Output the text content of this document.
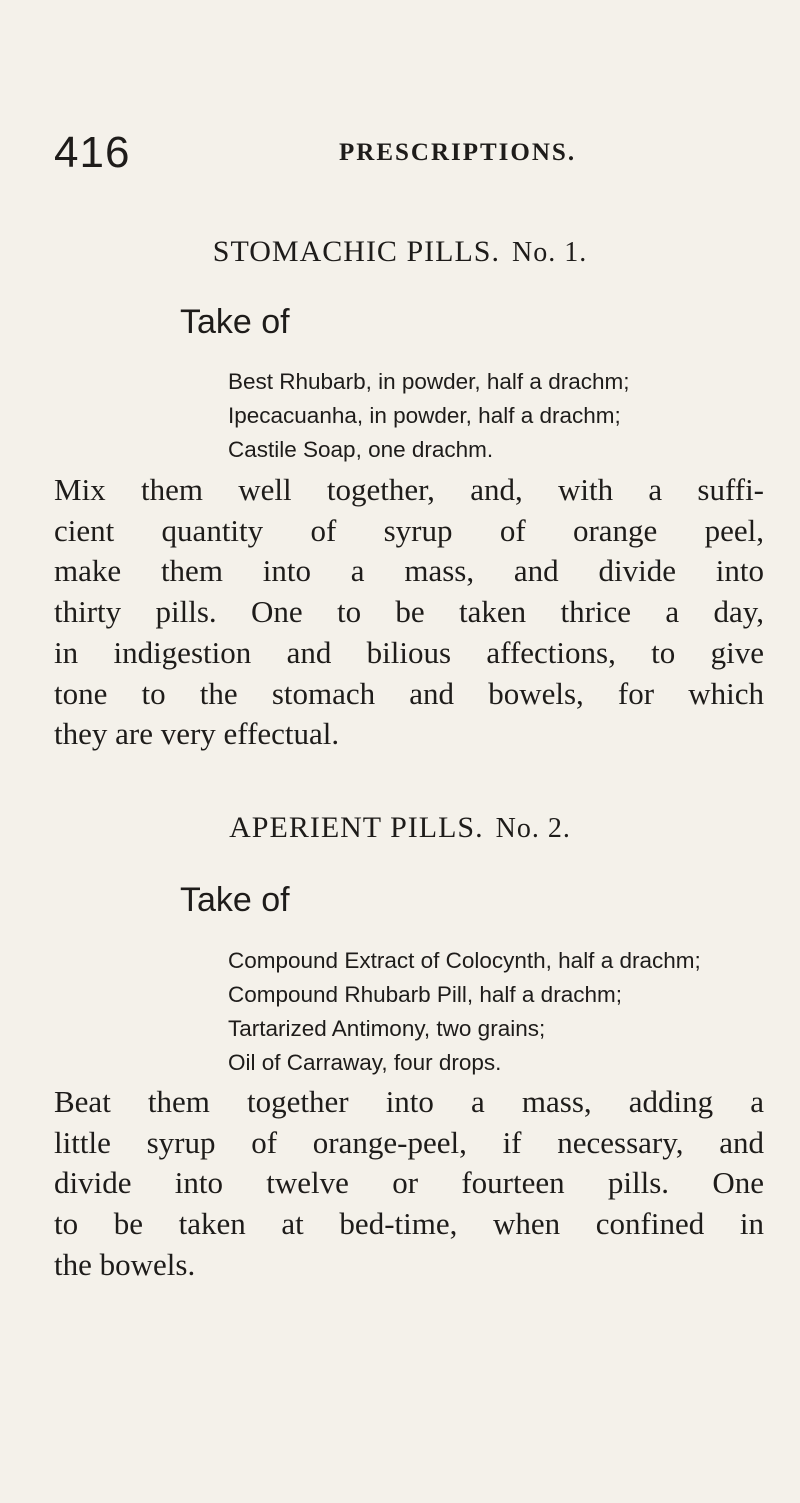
416	PRESCRIPTIONS.
STOMACHIC PILLS. No. 1.
Take of
Best Rhubarb, in powder, half a drachm;
Ipecacuanha, in powder, half a drachm;
Castile Soap, one drachm.
Mix them well together, and, with a suffi-
cient quantity of syrup of orange peel,
make them into a mass, and divide into
thirty pills. One to be taken thrice a day,
in indigestion and bilious affections, to give
tone to the stomach and bowels, for which
they are very effectual.
APERIENT PILLS. No. 2.
Take of
Compound Extract of Colocynth, half a drachm;
Compound Rhubarb Pill, half a drachm;
Tartarized Antimony, two grains;
Oil of Carraway, four drops.
Beat them together into a mass, adding a
little syrup of orange-peel, if necessary, and
divide into twelve or fourteen pills. One
to be taken at bed-time, when confined in
the bowels.
